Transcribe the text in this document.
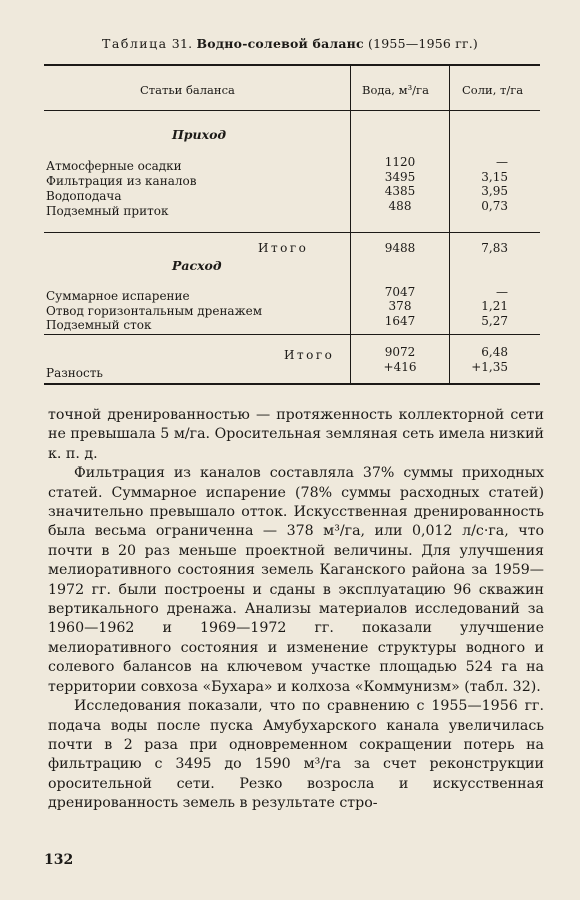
Таблица 31. Водно-солевой баланс (1955—1956 гг.)
Статьи баланса	Вода, м³/га	Соли, т/га
Приход
Атмосферные осадки	1120	—
Фильтрация из каналов	3495	3,15
Водоподача	4385	3,95
Подземный приток	488	0,73
Итого	9488	7,83
Расход
Суммарное испарение	7047	—
Отвод горизонтальным дренажем	378	1,21
Подземный сток	1647	5,27
Итого	9072	6,48
Разность	+416	+1,35

точной дренированностью — протяженность коллекторной сети не превышала 5 м/га. Оросительная земляная сеть имела низкий к. п. д.

Фильтрация из каналов составляла 37% суммы приходных статей. Суммарное испарение (78% суммы расходных статей) значительно превышало отток. Искусственная дренированность была весьма ограниченна — 378 м³/га, или 0,012 л/с·га, что почти в 20 раз меньше проектной величины. Для улучшения мелиоративного состояния земель Каганского района за 1959—1972 гг. были построены и сданы в эксплуатацию 96 скважин вертикального дренажа. Анализы материалов исследований за 1960—1962 и 1969—1972 гг. показали улучшение мелиоративного состояния и изменение структуры водного и солевого балансов на ключевом участке площадью 524 га на территории совхоза «Бухара» и колхоза «Коммунизм» (табл. 32).

Исследования показали, что по сравнению с 1955—1956 гг. подача воды после пуска Амубухарского канала увеличилась почти в 2 раза при одновременном сокращении потерь на фильтрацию с 3495 до 1590 м³/га за счет реконструкции оросительной сети. Резко возросла и искусственная дренированность земель в результате стро-

132
